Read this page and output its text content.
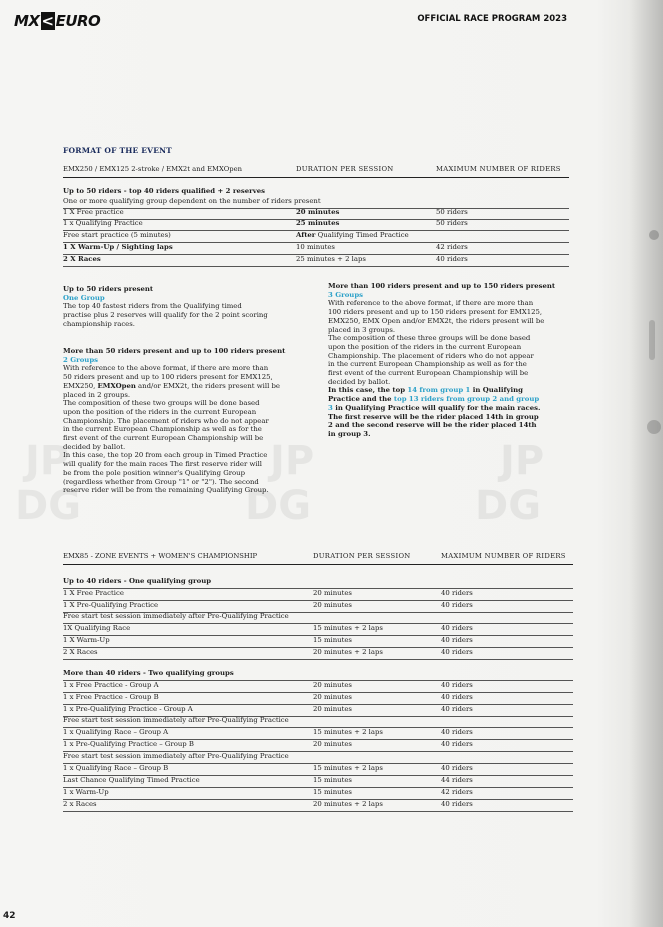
MX < EURO	OFFICIAL RACE PROGRAM 2023
JP
DG
JP
DG
JP
DG
FORMAT OF THE EVENT
EMX250 / EMX125 2-stroke / EMX2t and EMXOpen	DURATION PER SESSION	MAXIMUM NUMBER OF RIDERS
Up to 50 riders - top 40 riders qualified + 2 reserves
One or more qualifying group dependent on the number of riders present
1 X Free practice	20 minutes	50 riders
1 x Qualifying Practice	25 minutes	50 riders
Free start practice (5 minutes)	After Qualifying Timed Practice
1 X Warm-Up / Sighting laps	10 minutes	42 riders
2 X Races	25 minutes + 2 laps	40 riders

Up to 50 riders present

One Group

The top 40 fastest riders from the Qualifying timed

practise plus 2 reserves will qualify for the 2 point scoring

championship races.

More than 50 riders present and up to 100 riders present

2 Groups

With reference to the above format, if there are more than

50 riders present and up to 100 riders present for EMX125,

EMX250, EMXOpen and/or EMX2t, the riders present will be

placed in 2 groups.

The composition of these two groups will be done based

upon the position of the riders in the current European

Championship. The placement of riders who do not appear

in the current European Championship as well as for the

first event of the current European Championship will be

decided by ballot.

In this case, the top 20 from each group in Timed Practice

will qualify for the main races The first reserve rider will

be from the pole position winner's Qualifying Group

(regardless whether from Group "1" or "2"). The second

reserve rider will be from the remaining Qualifying Group.

More than 100 riders present and up to 150 riders present

3 Groups

With reference to the above format, if there are more than

100 riders present and up to 150 riders present for EMX125,

EMX250, EMX Open and/or EMX2t, the riders present will be

placed in 3 groups.

The composition of these three groups will be done based

upon the position of the riders in the current European

Championship. The placement of riders who do not appear

in the current European Championship as well as for the

first event of the current European Championship will be

decided by ballot.

In this case, the top 14 from group 1 in Qualifying

Practice and the top 13 riders from group 2 and group

3 in Qualifying Practice will qualify for the main races.

The first reserve will be the rider placed 14th in group

2 and the second reserve will be the rider placed 14th

in group 3.

EMX85 - ZONE EVENTS + WOMEN'S CHAMPIONSHIP	DURATION PER SESSION	MAXIMUM NUMBER OF RIDERS
Up to 40 riders - One qualifying group
1 X Free Practice	20 minutes	40 riders
1 X Pre-Qualifying Practice	20 minutes	40 riders
Free start test session immediately after Pre-Qualifying Practice
1X Qualifying Race	15 minutes + 2 laps	40 riders
1 X Warm-Up	15 minutes	40 riders
2 X Races	20 minutes + 2 laps	40 riders
More than 40 riders - Two qualifying groups
1 x Free Practice - Group A	20 minutes	40 riders
1 x Free Practice - Group B	20 minutes	40 riders
1 x Pre-Qualifying Practice - Group A	20 minutes	40 riders
Free start test session immediately after Pre-Qualifying Practice
1 x Qualifying Race – Group A	15 minutes + 2 laps	40 riders
1 x Pre-Qualifying Practice – Group B	20 minutes	40 riders
Free start test session immediately after Pre-Qualifying Practice
1 x Qualifying Race – Group B	15 minutes + 2 laps	40 riders
Last Chance Qualifying Timed Practice	15 minutes	44 riders
1 x Warm-Up	15 minutes	42 riders
2 x Races	20 minutes + 2 laps	40 riders
42
